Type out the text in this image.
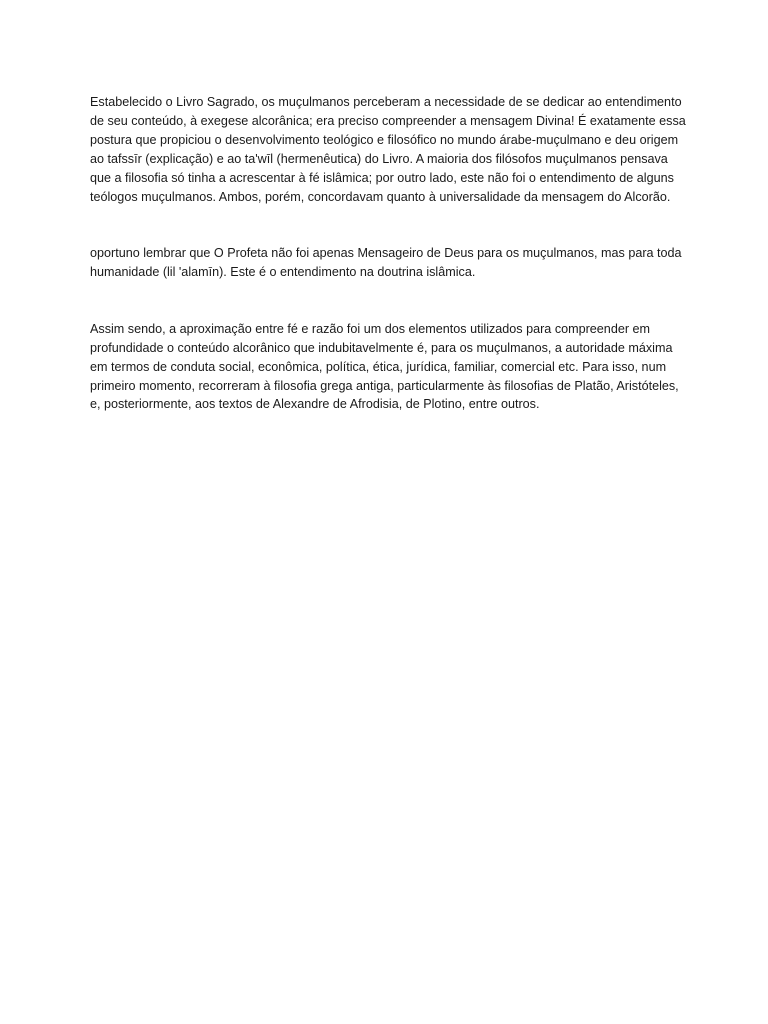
Estabelecido o Livro Sagrado, os muçulmanos perceberam a necessidade de se dedicar ao entendimento de seu conteúdo, à exegese alcorânica; era preciso compreender a mensagem Divina! É exatamente essa postura que propiciou o desenvolvimento teológico e filosófico no mundo árabe-muçulmano e deu origem ao tafssīr (explicação) e ao ta'wīl (hermenêutica) do Livro. A maioria dos filósofos muçulmanos pensava que a filosofia só tinha a acrescentar à fé islâmica; por outro lado, este não foi o entendimento de alguns teólogos muçulmanos. Ambos, porém, concordavam quanto à universalidade da mensagem do Alcorão.

oportuno lembrar que O Profeta não foi apenas Mensageiro de Deus para os muçulmanos, mas para toda humanidade (lil 'alamīn). Este é o entendimento na doutrina islâmica.

Assim sendo, a aproximação entre fé e razão foi um dos elementos utilizados para compreender em profundidade o conteúdo alcorânico que indubitavelmente é, para os muçulmanos, a autoridade máxima em termos de conduta social, econômica, política, ética, jurídica, familiar, comercial etc. Para isso, num primeiro momento, recorreram à filosofia grega antiga, particularmente às filosofias de Platão, Aristóteles, e, posteriormente, aos textos de Alexandre de Afrodisia, de Plotino, entre outros.
